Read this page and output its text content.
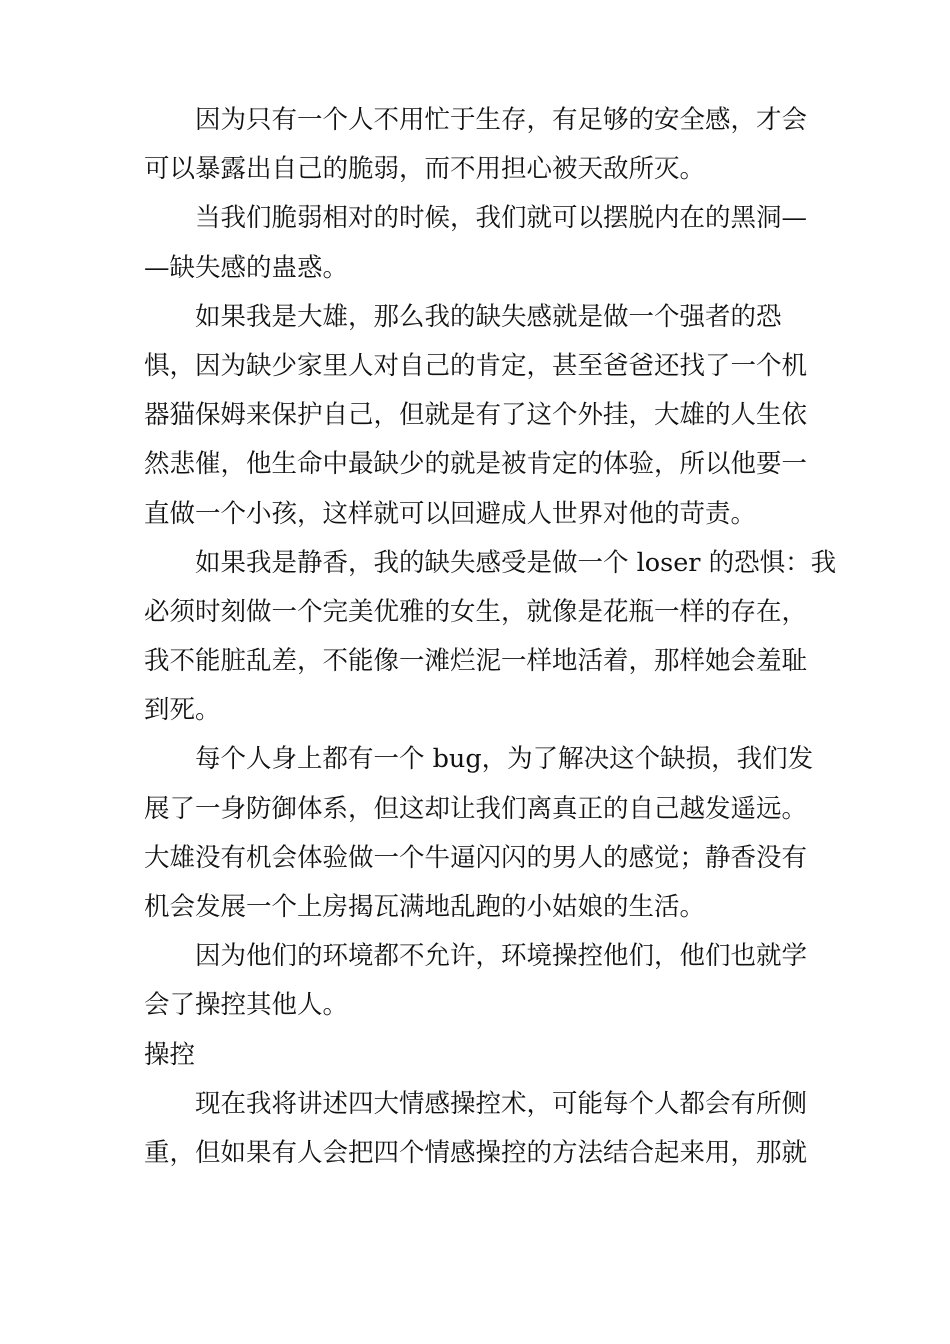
因为只有一个人不用忙于生存，有足够的安全感，才会
可以暴露出自己的脆弱，而不用担心被天敌所灭。
当我们脆弱相对的时候，我们就可以摆脱内在的黑洞—
—缺失感的蛊惑。
如果我是大雄，那么我的缺失感就是做一个强者的恐
惧，因为缺少家里人对自己的肯定，甚至爸爸还找了一个机
器猫保姆来保护自己，但就是有了这个外挂，大雄的人生依
然悲催，他生命中最缺少的就是被肯定的体验，所以他要一
直做一个小孩，这样就可以回避成人世界对他的苛责。
如果我是静香，我的缺失感受是做一个 loser 的恐惧：我
必须时刻做一个完美优雅的女生，就像是花瓶一样的存在，
我不能脏乱差，不能像一滩烂泥一样地活着，那样她会羞耻
到死。
每个人身上都有一个 bug，为了解决这个缺损，我们发
展了一身防御体系，但这却让我们离真正的自己越发遥远。
大雄没有机会体验做一个牛逼闪闪的男人的感觉；静香没有
机会发展一个上房揭瓦满地乱跑的小姑娘的生活。
因为他们的环境都不允许，环境操控他们，他们也就学
会了操控其他人。
操控
现在我将讲述四大情感操控术，可能每个人都会有所侧
重，但如果有人会把四个情感操控的方法结合起来用，那就
